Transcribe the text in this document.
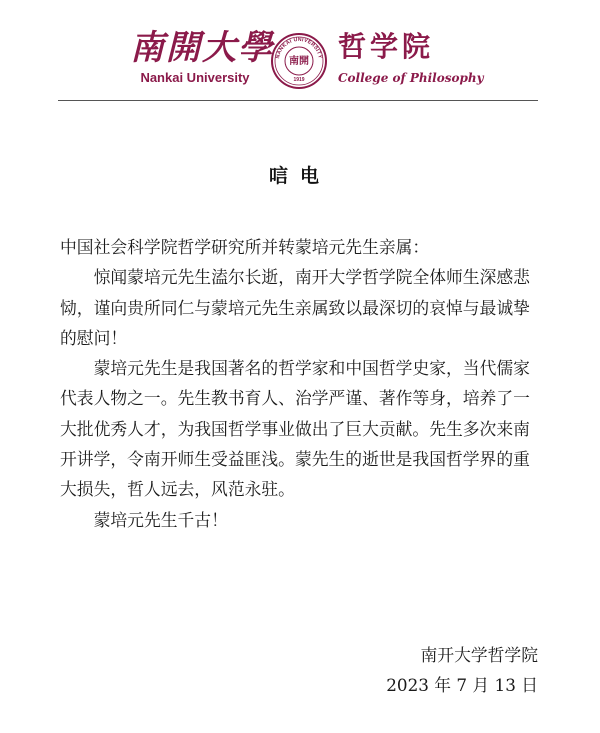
南開大學
Nankai University
NANKAI UNIVERSITY
南開
1919
哲学院
College of Philosophy
唁电

中国社会科学院哲学研究所并转蒙培元先生亲属：

惊闻蒙培元先生溘尔长逝，南开大学哲学院全体师生深感悲恸，谨向贵所同仁与蒙培元先生亲属致以最深切的哀悼与最诚挚的慰问！

蒙培元先生是我国著名的哲学家和中国哲学史家，当代儒家代表人物之一。先生教书育人、治学严谨、著作等身，培养了一大批优秀人才，为我国哲学事业做出了巨大贡献。先生多次来南开讲学，令南开师生受益匪浅。蒙先生的逝世是我国哲学界的重大损失，哲人远去，风范永驻。

蒙培元先生千古！

南开大学哲学院
2023 年 7 月 13 日
